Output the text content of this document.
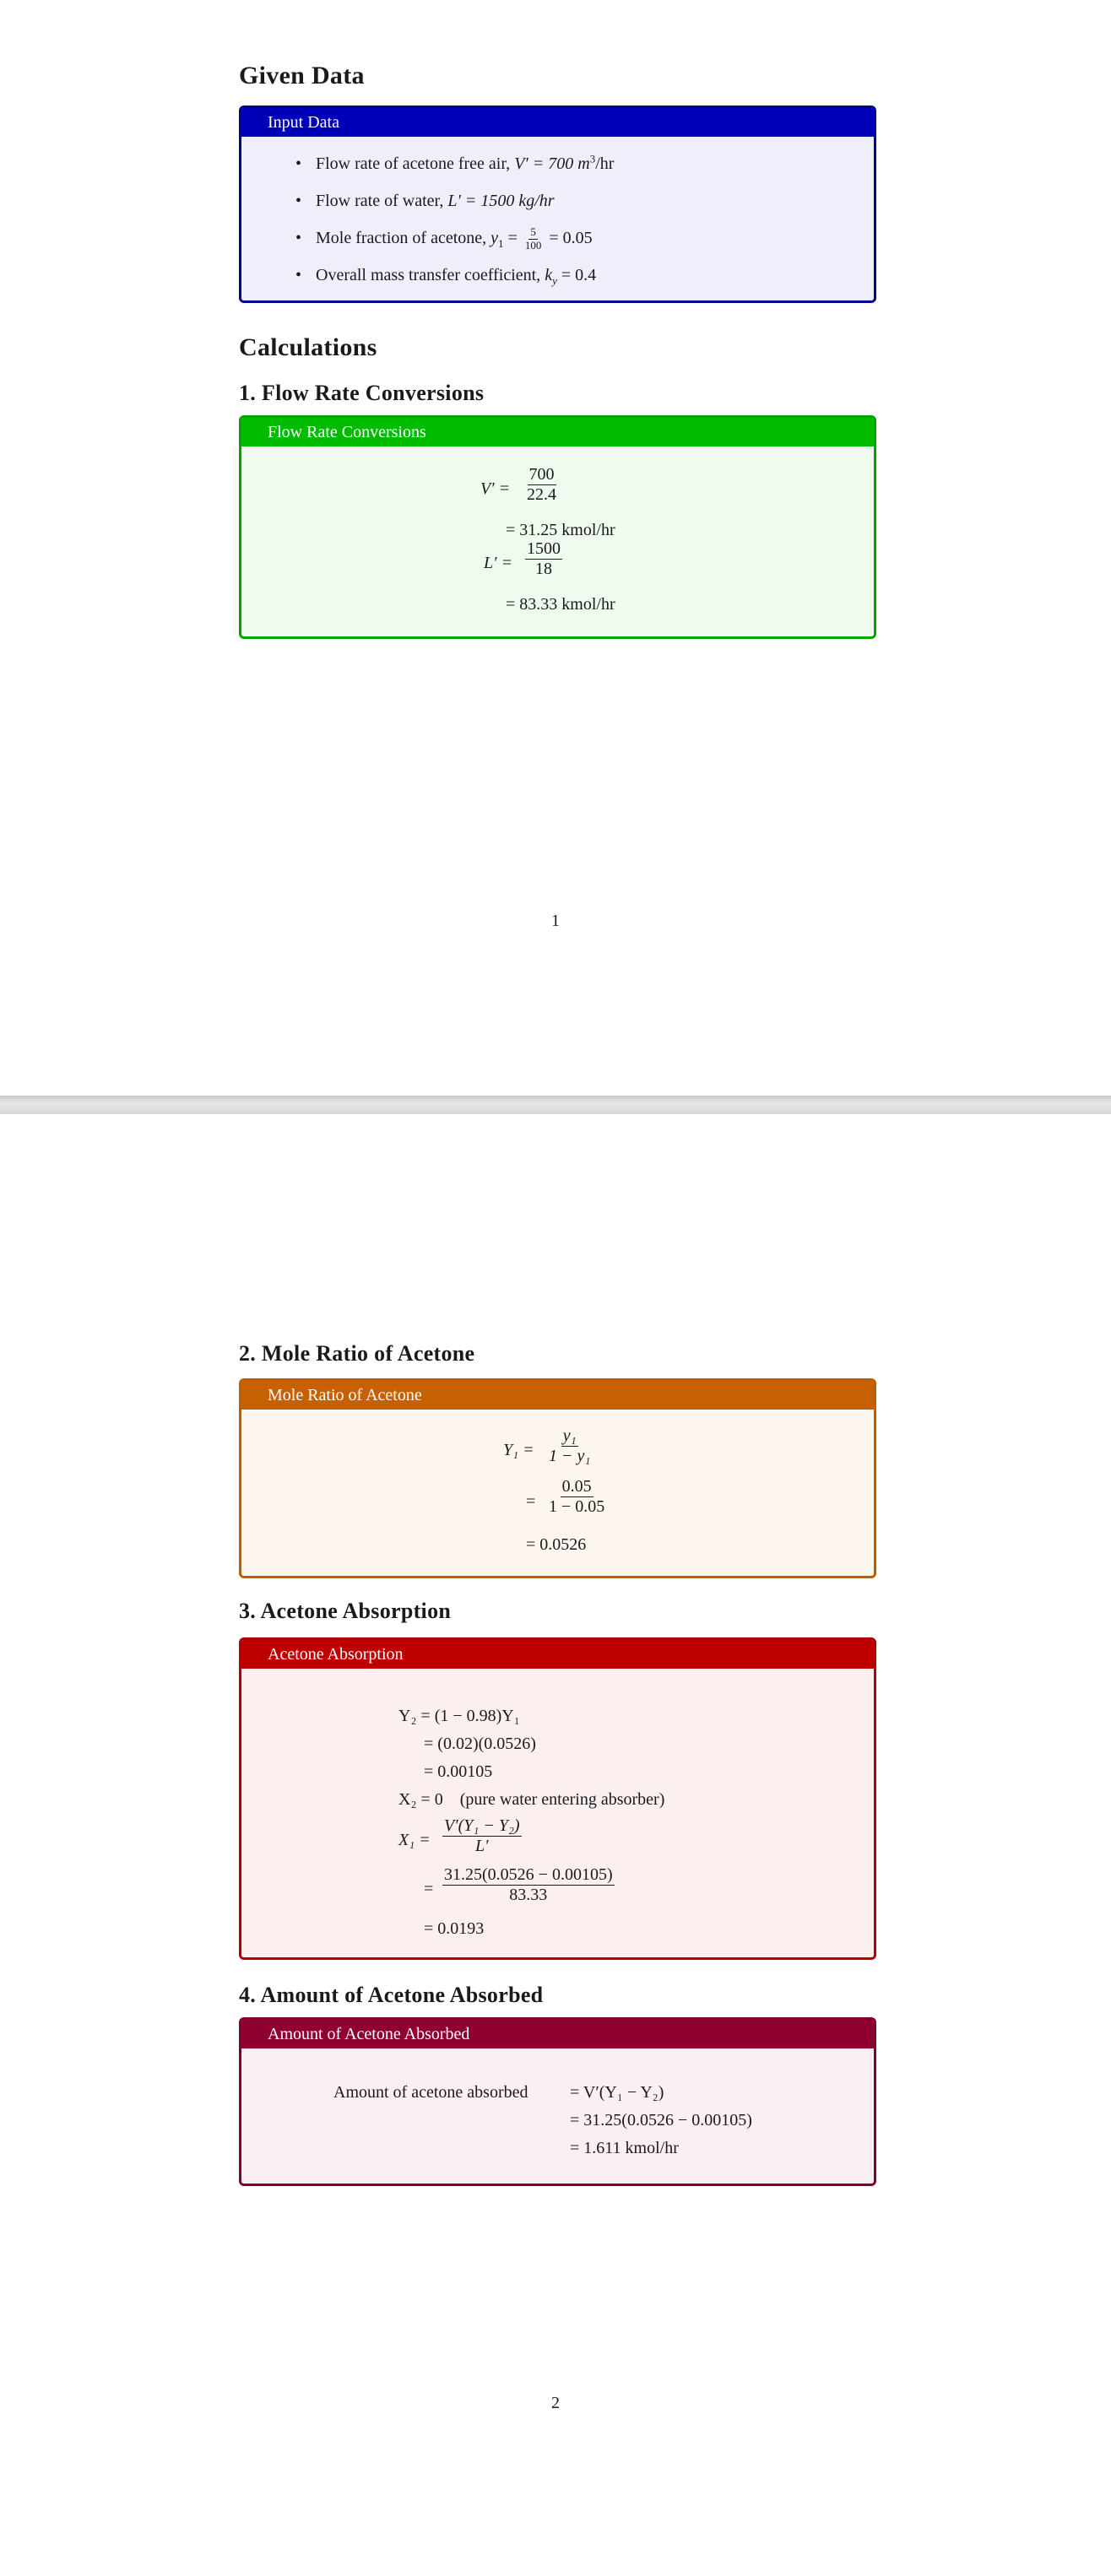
Given Data
Input Data
• Flow rate of acetone free air, V′ = 700 $m^3/hr$
• Flow rate of water, L′ = 1500 kg/hr
• Mole fraction of acetone, $y_1 = \frac{5}{100} = 0.05$
• Overall mass transfer coefficient, $k_y = 0.4$
Calculations
1. Flow Rate Conversions
Flow Rate Conversions
$V' = \frac{700}{22.4}$
= 31.25 kmol/hr
$L' = \frac{1500}{18}$
= 83.33 kmol/hr
1
2. Mole Ratio of Acetone
Mole Ratio of Acetone
$Y_1 = \frac{\text{y₁}}{\text{1 − y₁}}$
= $\frac{0.05}{1 - 0.05}$
= 0.0526
3. Acetone Absorption
Acetone Absorption
Y₂ = (1 − 0.98)Y₁
= (0.02)(0.0526)
= 0.00105
X₂ = 0    (pure water entering absorber)
$X_1 = \frac{\text{V′(Y₁ − Y₂)}}{L'}$
= $\frac{31.25(0.0526 - 0.00105)}{83.33}$
= 0.0193
4. Amount of Acetone Absorbed
Amount of Acetone Absorbed
Amount of acetone absorbed = V′(Y₁ − Y₂)
= 31.25(0.0526 − 0.00105)
= 1.611 kmol/hr
2
